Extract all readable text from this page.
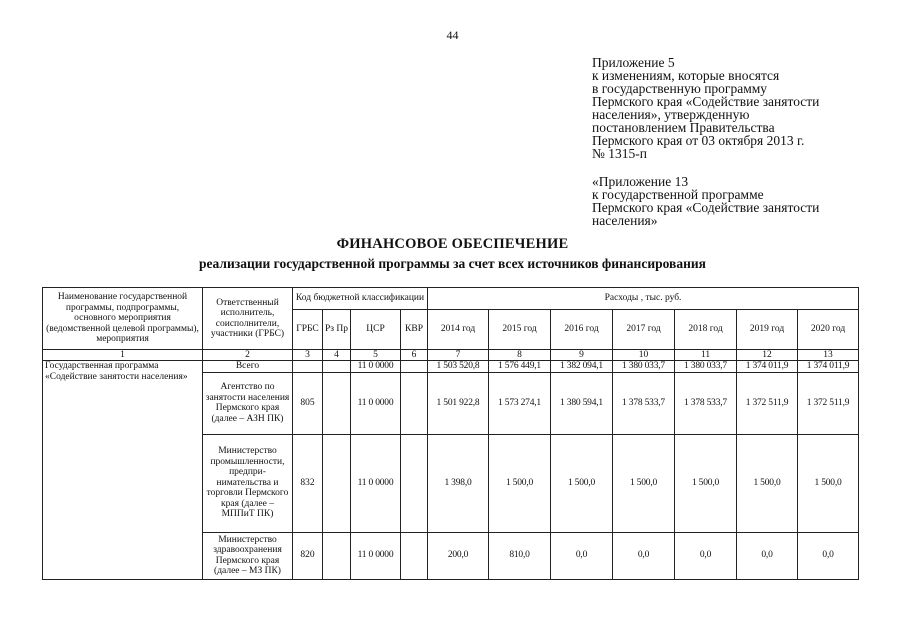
44
Приложение 5
к изменениям, которые вносятся
в государственную программу
Пермского края «Содействие занятости
населения», утвержденную
постановлением Правительства
Пермского края от 03 октября 2013 г.
№ 1315-п
«Приложение 13
к государственной программе
Пермского края «Содействие занятости
населения»
ФИНАНСОВОЕ ОБЕСПЕЧЕНИЕ
реализации государственной программы за счет всех источников финансирования
Наименование государственной программы, подпрограммы, основного мероприятия (ведомственной целевой программы), мероприятия	Ответственный исполнитель, соисполнители, участники (ГРБС)	Код бюджетной классификации				Расходы , тыс. руб.						
		ГРБС	Рз Пр	ЦСР	КВР	2014 год	2015 год	2016 год	2017 год	2018 год	2019 год	2020 год
1	2	3	4	5	6	7	8	9	10	11	12	13
Государственная программа «Содействие занятости населения»	Всего			11 0 0000		1 503 520,8	1 576 449,1	1 382 094,1	1 380 033,7	1 380 033,7	1 374 011,9	1 374 011,9
	Агентство по занятости населения Пермского края (далее – АЗН ПК)	805		11 0 0000		1 501 922,8	1 573 274,1	1 380 594,1	1 378 533,7	1 378 533,7	1 372 511,9	1 372 511,9
	Министерство промышленности, предпри-нимательства и торговли Пермского края (далее – МППиТ ПК)	832		11 0 0000		1 398,0	1 500,0	1 500,0	1 500,0	1 500,0	1 500,0	1 500,0
	Министерство здравоохранения Пермского края (далее – МЗ ПК)	820		11 0 0000		200,0	810,0	0,0	0,0	0,0	0,0	0,0
